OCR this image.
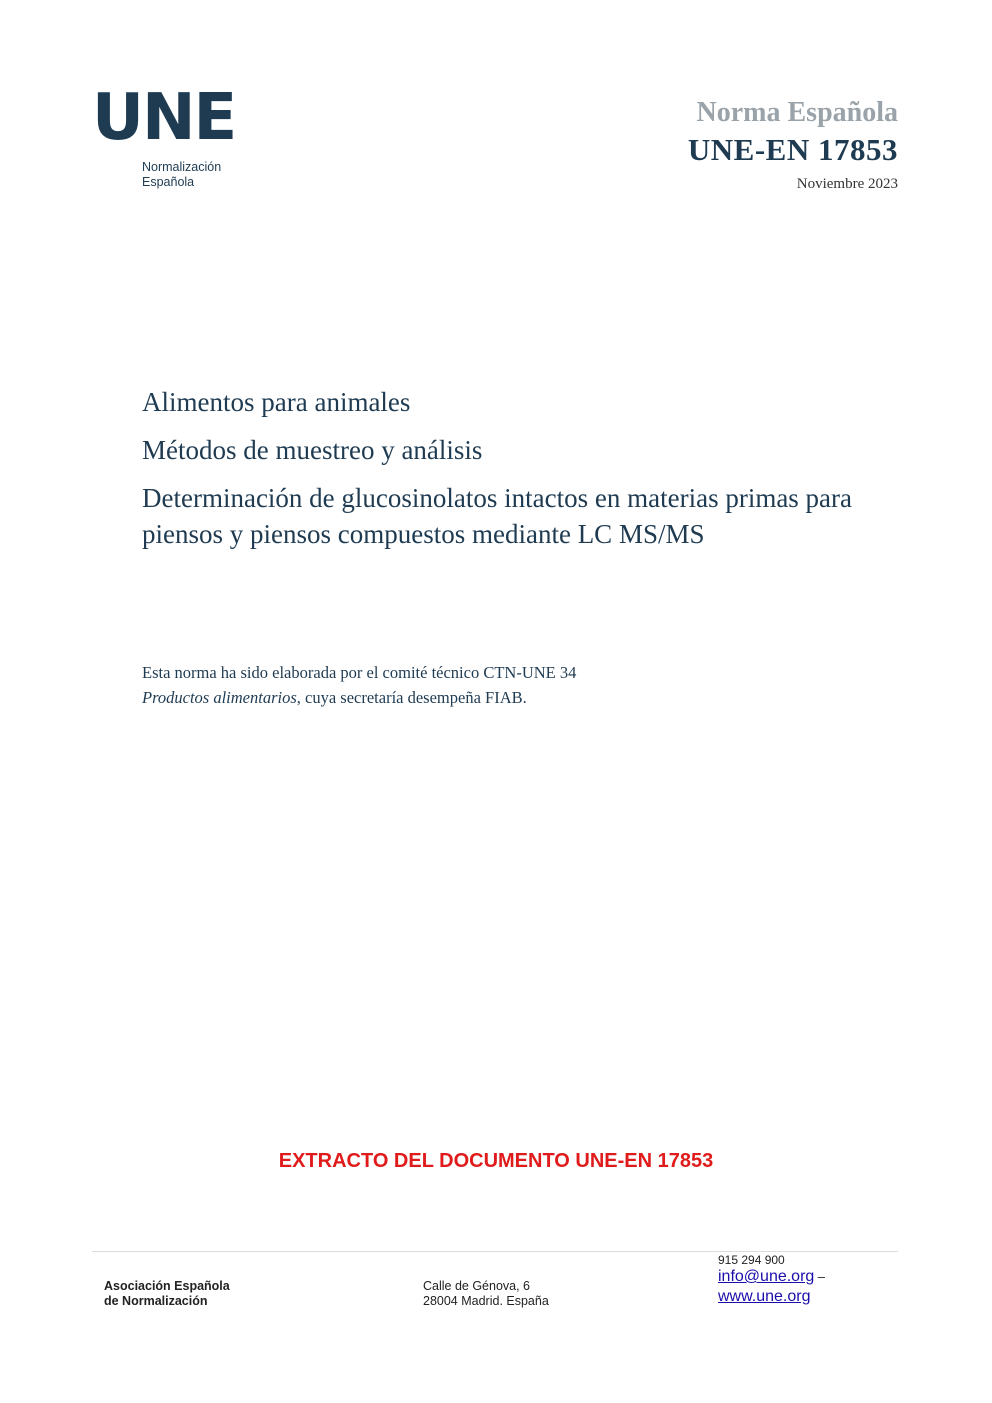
UNE
Normalización
Española
Norma Española
UNE-EN 17853
Noviembre 2023
Alimentos para animales
Métodos de muestreo y análisis
Determinación de glucosinolatos intactos en materias primas para piensos y piensos compuestos mediante LC MS/MS
Esta norma ha sido elaborada por el comité técnico CTN-UNE 34 Productos alimentarios, cuya secretaría desempeña FIAB.
EXTRACTO DEL DOCUMENTO UNE-EN 17853
Asociación Española
de Normalización
Calle de Génova, 6
28004 Madrid. España
915 294 900
info@une.org –
www.une.org
